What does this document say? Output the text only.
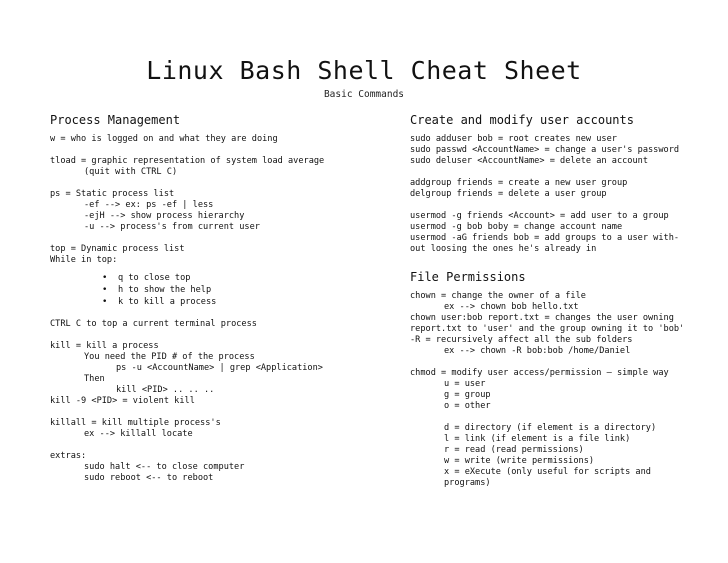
Linux Bash Shell Cheat Sheet
Basic Commands
Process Management
w = who is logged on and what they are doing
tload = graphic representation of system load average
(quit with CTRL C)
ps = Static process list
-ef --> ex: ps -ef | less
-ejH --> show process hierarchy
-u --> process's from current user
top = Dynamic process list
While in top:
• q to close top
• h to show the help
• k to kill a process
CTRL C to top a current terminal process
kill = kill a process
You need the PID # of the process
ps -u <AccountName> | grep <Application>
Then
kill <PID> .. .. ..
kill -9 <PID> = violent kill
killall = kill multiple process's
ex --> killall locate
extras:
sudo halt <-- to close computer
sudo reboot <-- to reboot
Create and modify user accounts
sudo adduser bob = root creates new user
sudo passwd <AccountName> = change a user's password
sudo deluser <AccountName> = delete an account
addgroup friends = create a new user group
delgroup friends = delete a user group
usermod -g friends <Account> = add user to a group
usermod -g bob boby = change account name
usermod -aG friends bob = add groups to a user with-
out loosing the ones he's already in
File Permissions
chown = change the owner of a file
ex --> chown bob hello.txt
chown user:bob report.txt = changes the user owning
report.txt to 'user' and the group owning it to 'bob'
-R = recursively affect all the sub folders
ex --> chown -R bob:bob /home/Daniel
chmod = modify user access/permission – simple way
u = user
g = group
o = other
d = directory (if element is a directory)
l = link (if element is a file link)
r = read (read permissions)
w = write (write permissions)
x = eXecute (only useful for scripts and
programs)
